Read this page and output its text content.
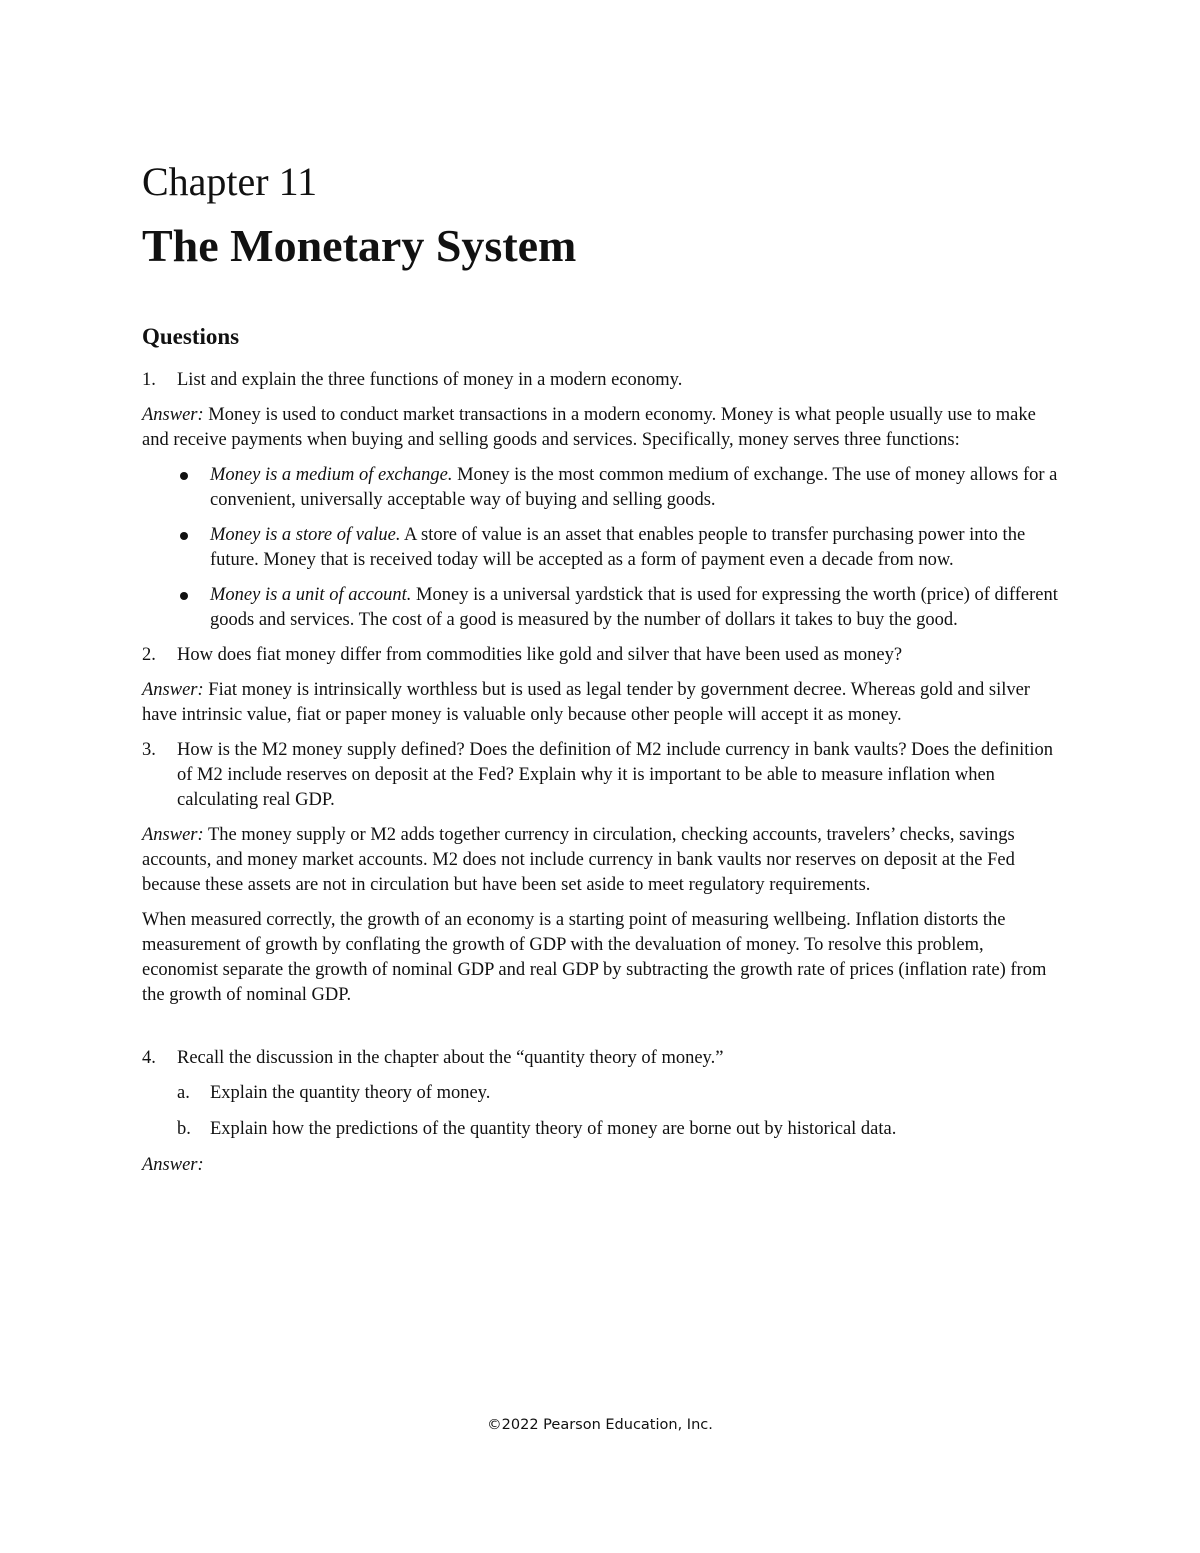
Chapter 11
The Monetary System
Questions

1. List and explain the three functions of money in a modern economy.

Answer: Money is used to conduct market transactions in a modern economy. Money is what people usually use to make and receive payments when buying and selling goods and services. Specifically, money serves three functions:

Money is a medium of exchange. Money is the most common medium of exchange. The use of money allows for a convenient, universally acceptable way of buying and selling goods.
Money is a store of value. A store of value is an asset that enables people to transfer purchasing power into the future. Money that is received today will be accepted as a form of payment even a decade from now.
Money is a unit of account. Money is a universal yardstick that is used for expressing the worth (price) of different goods and services. The cost of a good is measured by the number of dollars it takes to buy the good.

2. How does fiat money differ from commodities like gold and silver that have been used as money?

Answer: Fiat money is intrinsically worthless but is used as legal tender by government decree. Whereas gold and silver have intrinsic value, fiat or paper money is valuable only because other people will accept it as money.

3. How is the M2 money supply defined? Does the definition of M2 include currency in bank vaults? Does the definition of M2 include reserves on deposit at the Fed? Explain why it is important to be able to measure inflation when calculating real GDP.

Answer: The money supply or M2 adds together currency in circulation, checking accounts, travelers’ checks, savings accounts, and money market accounts. M2 does not include currency in bank vaults nor reserves on deposit at the Fed because these assets are not in circulation but have been set aside to meet regulatory requirements.

When measured correctly, the growth of an economy is a starting point of measuring wellbeing. Inflation distorts the measurement of growth by conflating the growth of GDP with the devaluation of money. To resolve this problem, economist separate the growth of nominal GDP and real GDP by subtracting the growth rate of prices (inflation rate) from the growth of nominal GDP.

4. Recall the discussion in the chapter about the “quantity theory of money.”

a. Explain the quantity theory of money.

b. Explain how the predictions of the quantity theory of money are borne out by historical data.

Answer:

©2022 Pearson Education, Inc.
